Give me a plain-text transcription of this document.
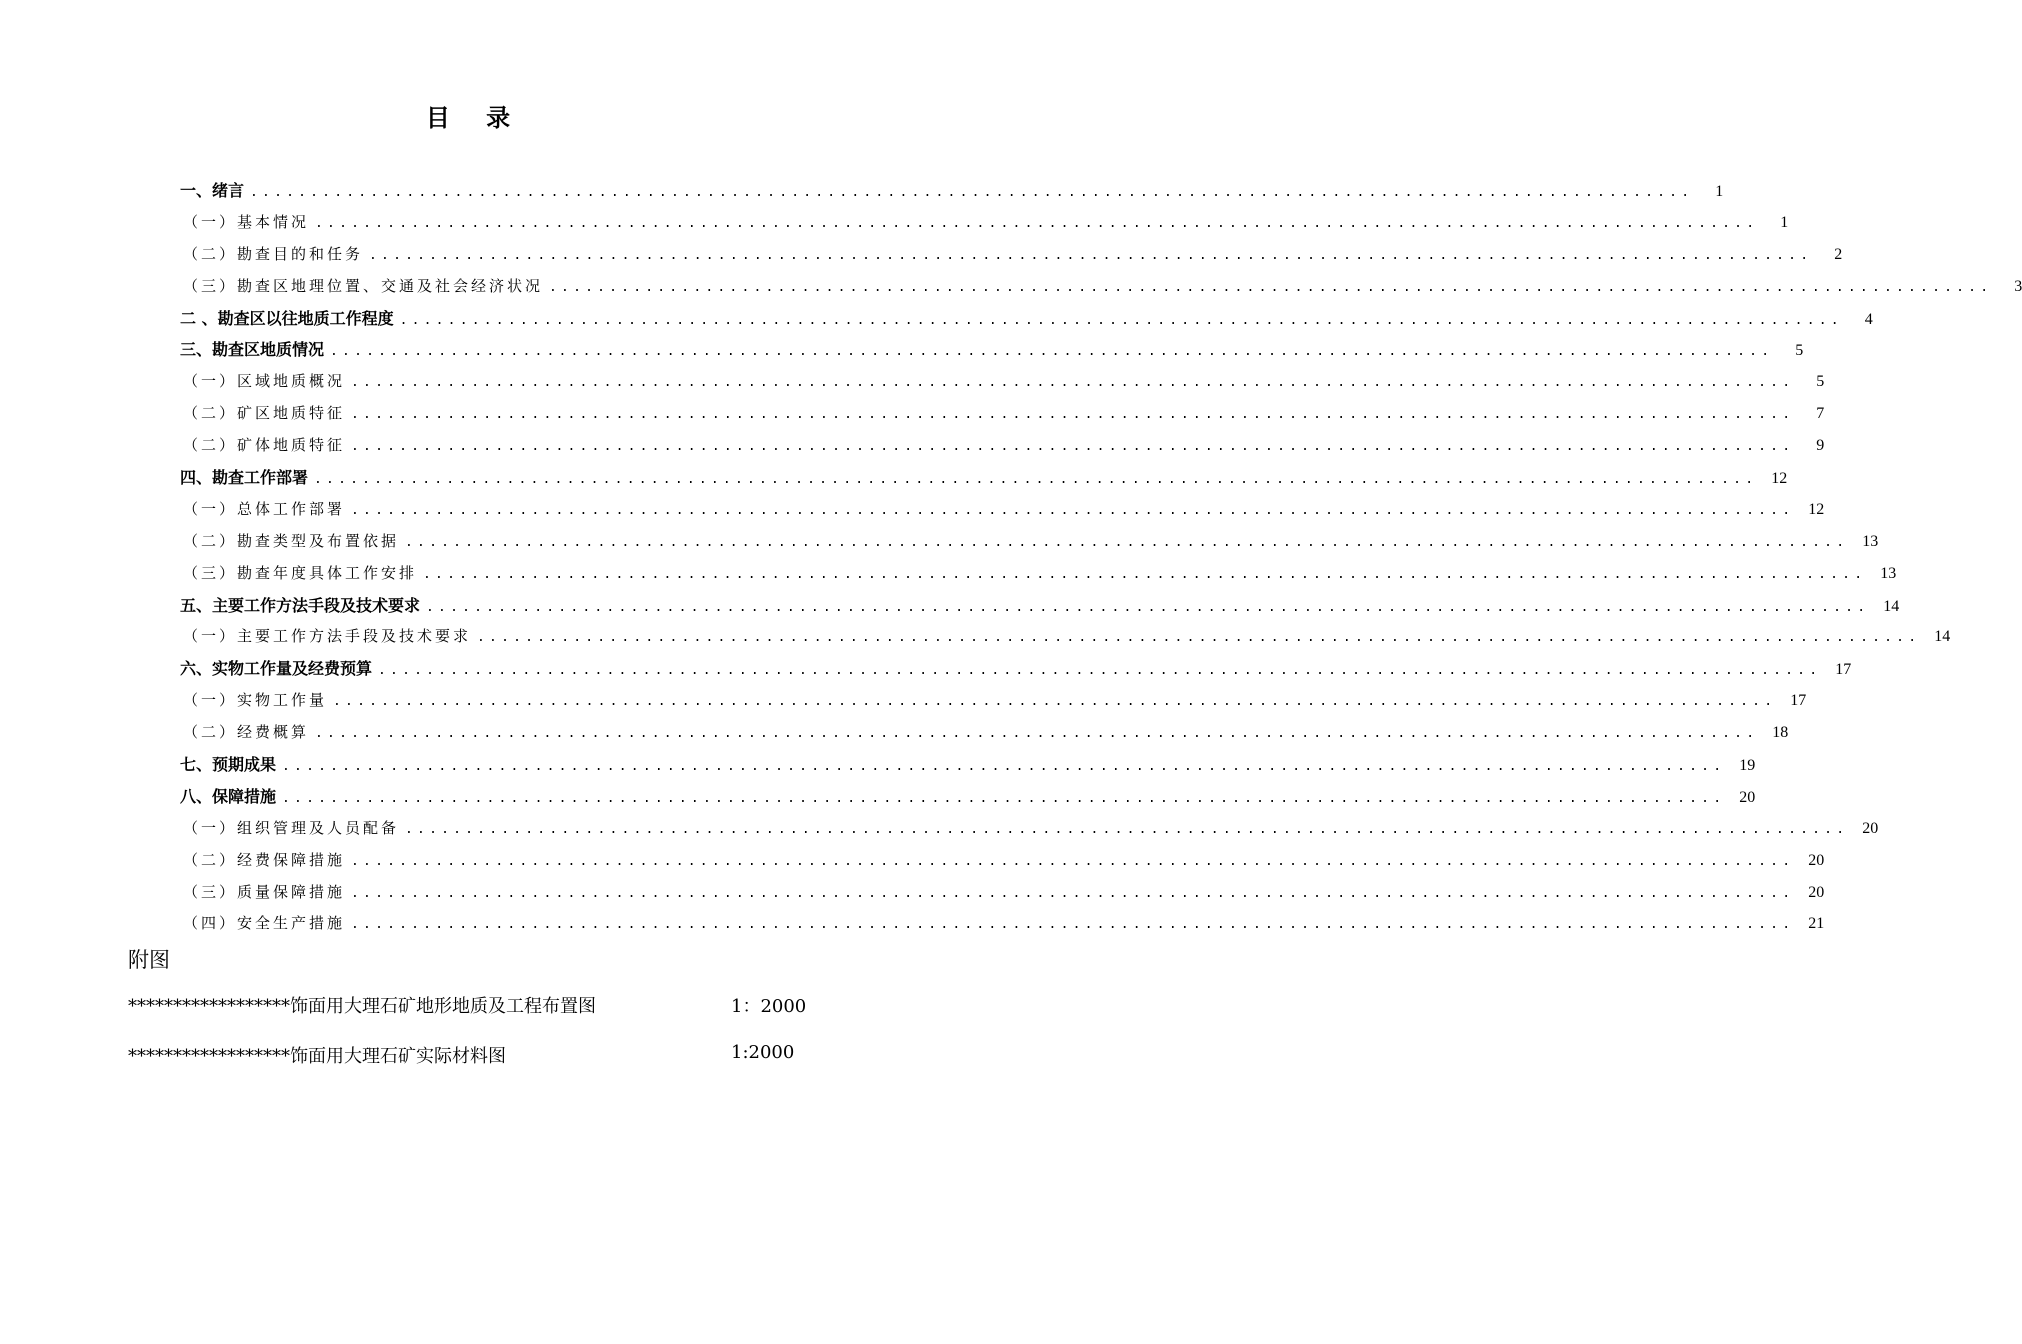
目 录
一、绪言 ........................................................................................................................	1
（一）基本情况 ........................................................................................................................	1
（二）勘查目的和任务 ........................................................................................................................	2
（三）勘查区地理位置、交通及社会经济状况 ........................................................................................................................	3
二 、勘查区以往地质工作程度 ........................................................................................................................	4
三、勘查区地质情况 ........................................................................................................................	5
（一）区域地质概况 ........................................................................................................................	5
（二）矿区地质特征 ........................................................................................................................	7
（二）矿体地质特征 ........................................................................................................................	9
四、勘查工作部署 ........................................................................................................................ 12
（一）总体工作部署 ........................................................................................................................ 12
（二）勘查类型及布置依据 ........................................................................................................................ 13
（三）勘查年度具体工作安排 ........................................................................................................................ 13
五、主要工作方法手段及技术要求 ........................................................................................................................ 14
（一）主要工作方法手段及技术要求 ........................................................................................................................ 14
六、实物工作量及经费预算 ........................................................................................................................ 17
（一）实物工作量 ........................................................................................................................ 17
（二）经费概算 ........................................................................................................................ 18
七、预期成果 ........................................................................................................................ 19
八、保障措施 ........................................................................................................................ 20
（一）组织管理及人员配备 ........................................................................................................................ 20
（二）经费保障措施 ........................................................................................................................ 20
（三）质量保障措施 ........................................................................................................................ 20
（四）安全生产措施 ........................................................................................................................ 21
附图
******************饰面用大理石矿地形地质及工程布置图	1：2000
******************饰面用大理石矿实际材料图	1:2000
